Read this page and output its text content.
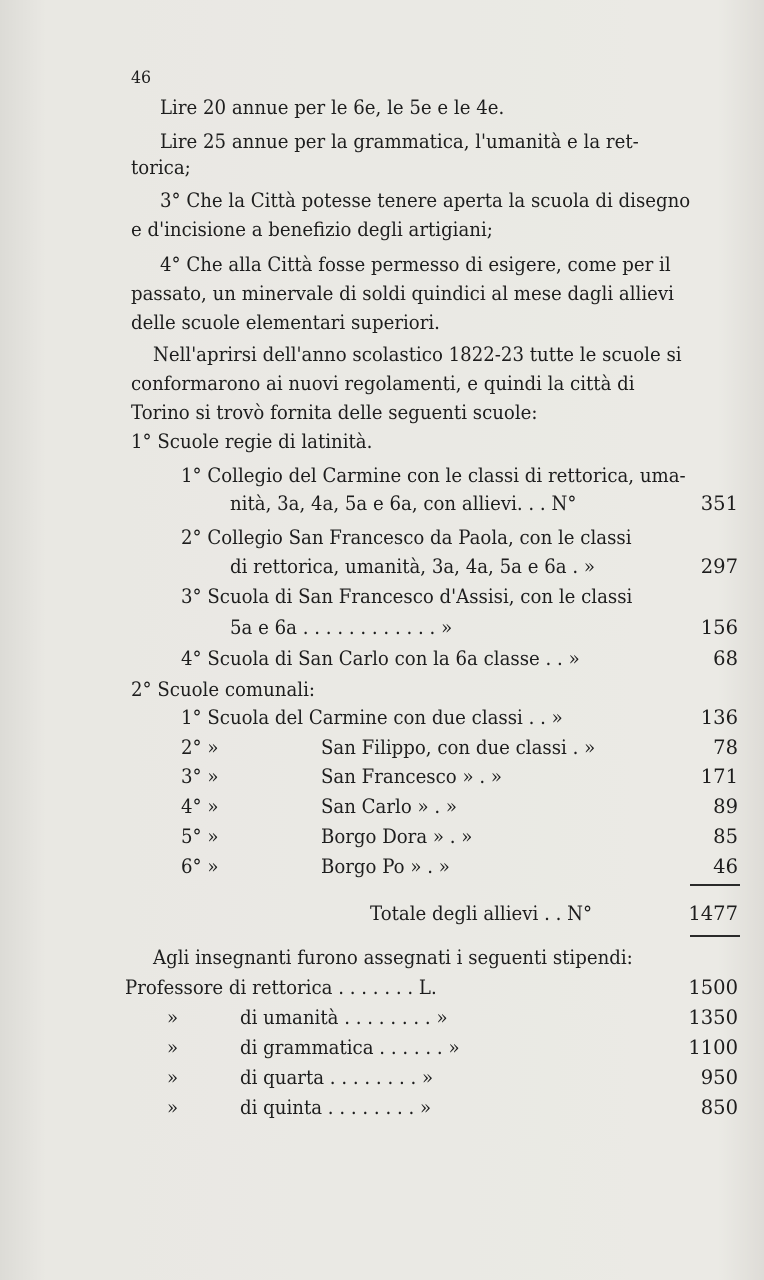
46
Lire 20 annue per le 6e, le 5e e le 4e.
Lire 25 annue per la grammatica, l'umanità e la ret-
torica;
3° Che la Città potesse tenere aperta la scuola di disegno
e d'incisione a benefizio degli artigiani;
4° Che alla Città fosse permesso di esigere, come per il
passato, un minervale di soldi quindici al mese dagli allievi
delle scuole elementari superiori.
Nell'aprirsi dell'anno scolastico 1822-23 tutte le scuole si
conformarono ai nuovi regolamenti, e quindi la città di
Torino si trovò fornita delle seguenti scuole:
1° Scuole regie di latinità.
1° Collegio del Carmine con le classi di rettorica, uma-
nità, 3a, 4a, 5a e 6a, con allievi. . . N°	351
2° Collegio San Francesco da Paola, con le classi
di rettorica, umanità, 3a, 4a, 5a e 6a . »	297
3° Scuola di San Francesco d'Assisi, con le classi
5a e 6a . . . . . . . . . . . . »	156
4° Scuola di San Carlo con la 6a classe . . »	68
2° Scuole comunali:
1° Scuola del Carmine con due classi . . »	136
2° »	San Filippo, con due classi . »	78
3° »	San Francesco » . »	171
4° »	San Carlo » . »	89
5° »	Borgo Dora » . »	85
6° »	Borgo Po » . »	46
Totale degli allievi . . N°	1477
Agli insegnanti furono assegnati i seguenti stipendi:
Professore di rettorica . . . . . . . L.	1500
»	di umanità . . . . . . . . »	1350
»	di grammatica . . . . . . »	1100
»	di quarta . . . . . . . . »	950
»	di quinta . . . . . . . . »	850
